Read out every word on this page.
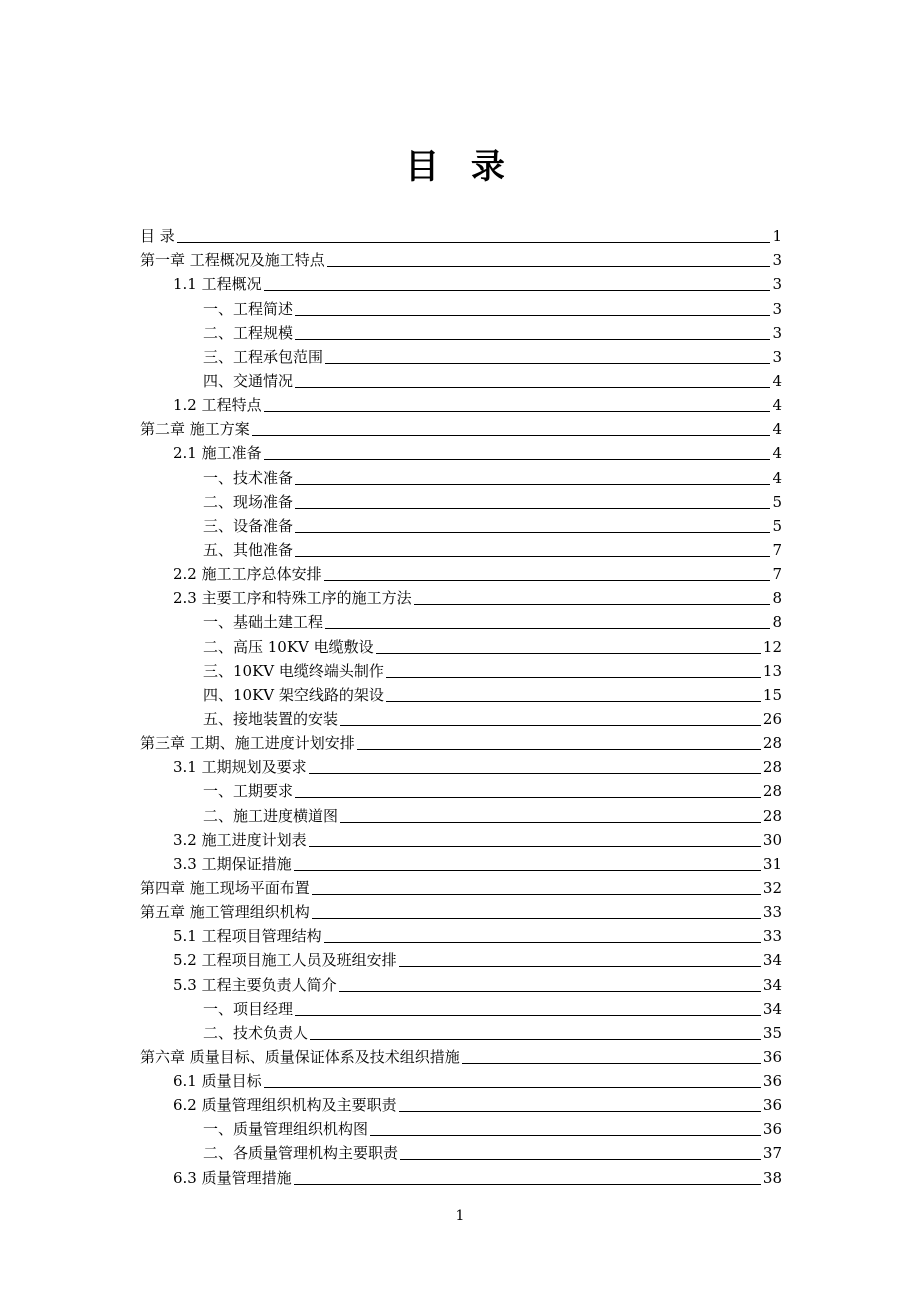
目 录
目 录	1
第一章 工程概况及施工特点	3
1.1 工程概况	3
一、工程简述	3
二、工程规模	3
三、工程承包范围	3
四、交通情况	4
1.2 工程特点	4
第二章 施工方案	4
2.1 施工准备	4
一、技术准备	4
二、现场准备	5
三、设备准备	5
五、其他准备	7
2.2 施工工序总体安排	7
2.3 主要工序和特殊工序的施工方法	8
一、基础土建工程	8
二、高压 10KV 电缆敷设	12
三、10KV 电缆终端头制作	13
四、10KV 架空线路的架设	15
五、接地装置的安装	26
第三章 工期、施工进度计划安排	28
3.1 工期规划及要求	28
一、工期要求	28
二、施工进度横道图	28
3.2 施工进度计划表	30
3.3 工期保证措施	31
第四章 施工现场平面布置	32
第五章 施工管理组织机构	33
5.1 工程项目管理结构	33
5.2 工程项目施工人员及班组安排	34
5.3 工程主要负责人简介	34
一、项目经理	34
二、技术负责人	35
第六章 质量目标、质量保证体系及技术组织措施	36
6.1 质量目标	36
6.2 质量管理组织机构及主要职责	36
一、质量管理组织机构图	36
二、各质量管理机构主要职责	37
6.3 质量管理措施	38
1
